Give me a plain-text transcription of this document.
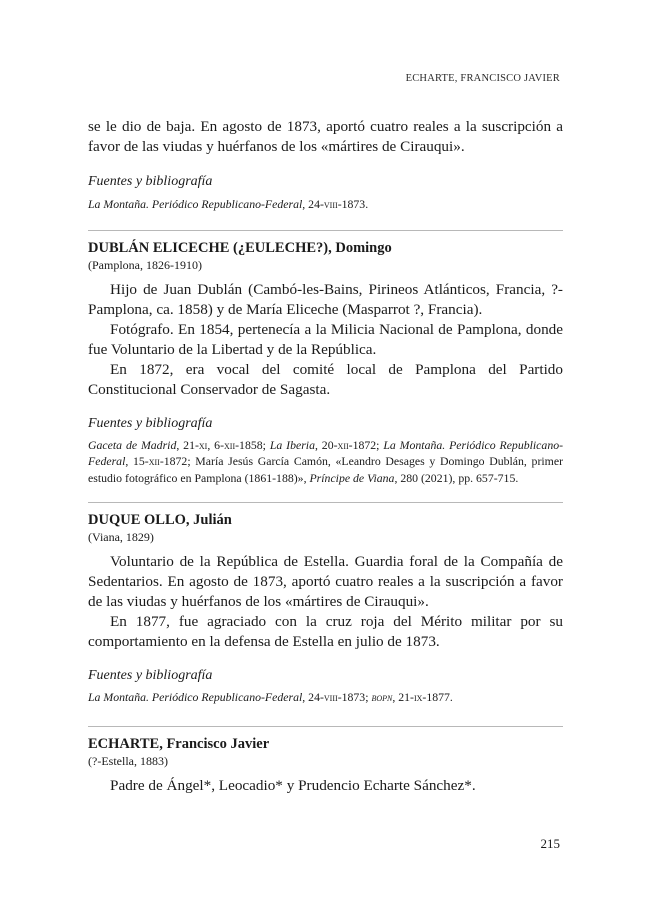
ECHARTE, FRANCISCO JAVIER

se le dio de baja. En agosto de 1873, aportó cuatro reales a la suscripción a favor de las viudas y huérfanos de los «mártires de Cirauqui».

Fuentes y bibliografía

La Montaña. Periódico Republicano-Federal, 24-viii-1873.

DUBLÁN ELICECHE (¿EULECHE?), Domingo

(Pamplona, 1826-1910)

Hijo de Juan Dublán (Cambó-les-Bains, Pirineos Atlánticos, Francia, ?-Pamplona, ca. 1858) y de María Eliceche (Masparrot ?, Francia).

Fotógrafo. En 1854, pertenecía a la Milicia Nacional de Pamplona, donde fue Voluntario de la Libertad y de la República.

En 1872, era vocal del comité local de Pamplona del Partido Constitucional Conservador de Sagasta.

Fuentes y bibliografía

Gaceta de Madrid, 21-xi, 6-xii-1858; La Iberia, 20-xii-1872; La Montaña. Periódico Republicano-Federal, 15-xii-1872; María Jesús García Camón, «Leandro Desages y Domingo Dublán, primer estudio fotográfico en Pamplona (1861-188)», Príncipe de Viana, 280 (2021), pp. 657-715.

DUQUE OLLO, Julián

(Viana, 1829)

Voluntario de la República de Estella. Guardia foral de la Compañía de Sedentarios. En agosto de 1873, aportó cuatro reales a la suscripción a favor de las viudas y huérfanos de los «mártires de Cirauqui».

En 1877, fue agraciado con la cruz roja del Mérito militar por su comportamiento en la defensa de Estella en julio de 1873.

Fuentes y bibliografía

La Montaña. Periódico Republicano-Federal, 24-viii-1873; bopn, 21-ix-1877.

ECHARTE, Francisco Javier

(?-Estella, 1883)

Padre de Ángel*, Leocadio* y Prudencio Echarte Sánchez*.

215
